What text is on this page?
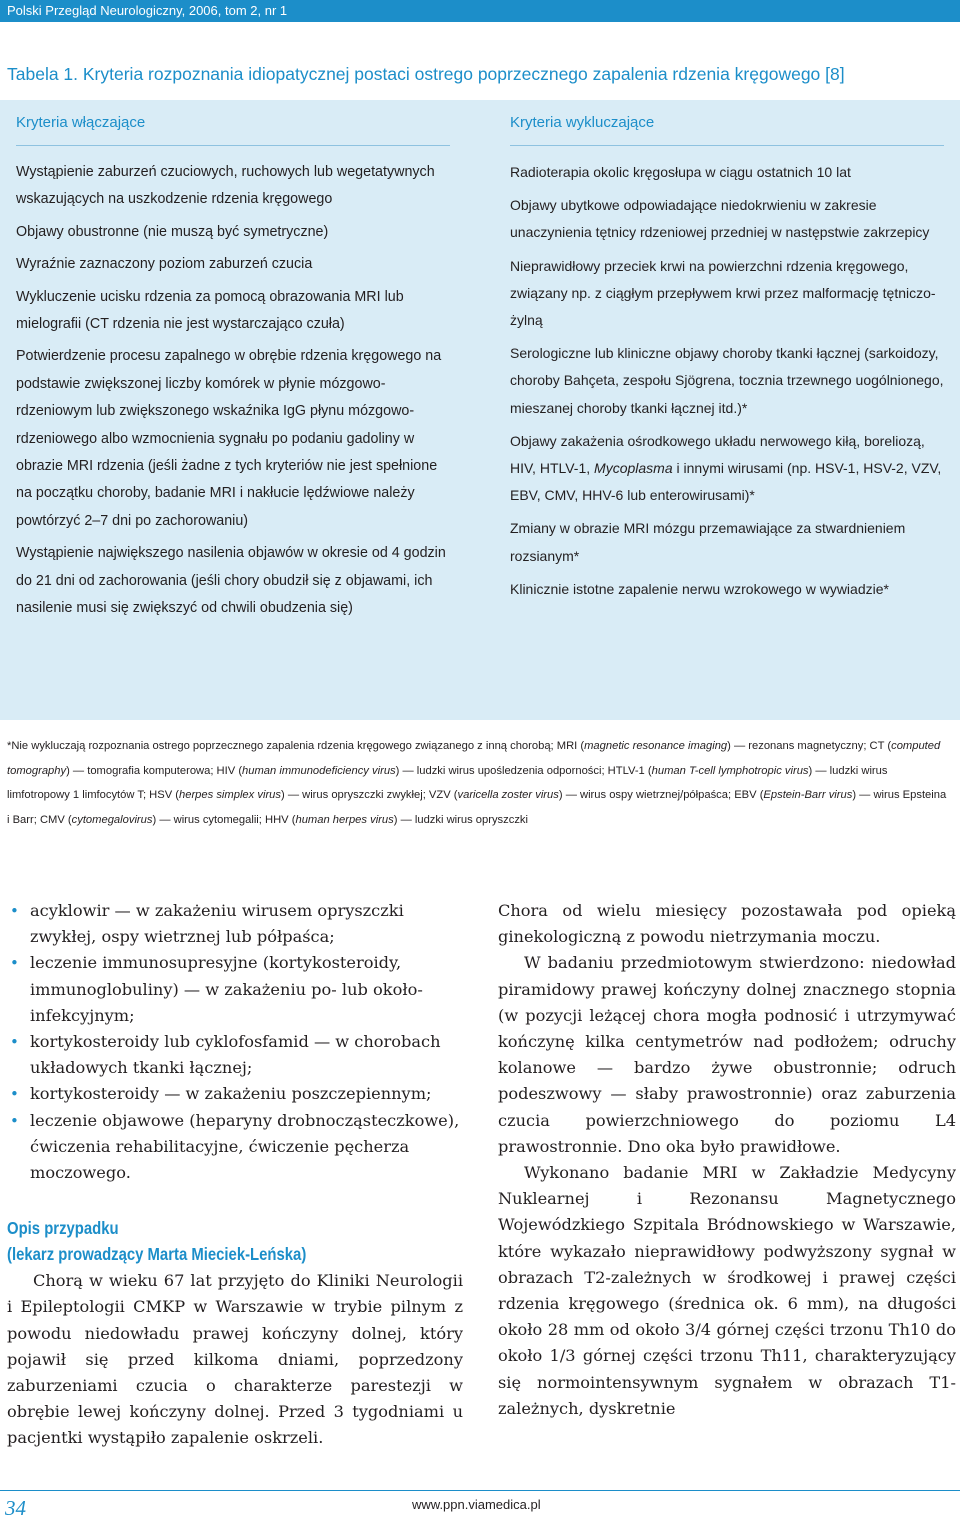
Polski Przegląd Neurologiczny, 2006, tom 2, nr 1
Tabela 1. Kryteria rozpoznania idiopatycznej postaci ostrego poprzecznego zapalenia rdzenia kręgowego [8]
Kryteria włączające

Wystąpienie zaburzeń czuciowych, ruchowych lub wegetatywnych wskazujących na uszkodzenie rdzenia kręgowego

Objawy obustronne (nie muszą być symetryczne)

Wyraźnie zaznaczony poziom zaburzeń czucia

Wykluczenie ucisku rdzenia za pomocą obrazowania MRI lub mielografii (CT rdzenia nie jest wystarczająco czuła)

Potwierdzenie procesu zapalnego w obrębie rdzenia kręgowego na podstawie zwiększonej liczby komórek w płynie mózgowo-rdzeniowym lub zwiększonego wskaźnika IgG płynu mózgowo-rdzeniowego albo wzmocnienia sygnału po podaniu gadoliny w obrazie MRI rdzenia (jeśli żadne z tych kryteriów nie jest spełnione na początku choroby, badanie MRI i nakłucie lędźwiowe należy powtórzyć 2–7 dni po zachorowaniu)

Wystąpienie największego nasilenia objawów w okresie od 4 godzin do 21 dni od zachorowania (jeśli chory obudził się z objawami, ich nasilenie musi się zwiększyć od chwili obudzenia się)

Kryteria wykluczające

Radioterapia okolic kręgosłupa w ciągu ostatnich 10 lat

Objawy ubytkowe odpowiadające niedokrwieniu w zakresie unaczynienia tętnicy rdzeniowej przedniej w następstwie zakrzepicy

Nieprawidłowy przeciek krwi na powierzchni rdzenia kręgowego, związany np. z ciągłym przepływem krwi przez malformację tętniczo-żylną

Serologiczne lub kliniczne objawy choroby tkanki łącznej (sarkoidozy, choroby Bahçeta, zespołu Sjögrena, tocznia trzewnego uogólnionego, mieszanej choroby tkanki łącznej itd.)*

Objawy zakażenia ośrodkowego układu nerwowego kiłą, boreliozą, HIV, HTLV-1, Mycoplasma i innymi wirusami (np. HSV-1, HSV-2, VZV, EBV, CMV, HHV-6 lub enterowirusami)*

Zmiany w obrazie MRI mózgu przemawiające za stwardnieniem rozsianym*

Klinicznie istotne zapalenie nerwu wzrokowego w wywiadzie*

*Nie wykluczają rozpoznania ostrego poprzecznego zapalenia rdzenia kręgowego związanego z inną chorobą; MRI (magnetic resonance imaging) — rezonans magnetyczny; CT (computed tomography) — tomografia komputerowa; HIV (human immunodeficiency virus) — ludzki wirus upośledzenia odporności; HTLV-1 (human T-cell lymphotropic virus) — ludzki wirus limfotropowy 1 limfocytów T; HSV (herpes simplex virus) — wirus opryszczki zwykłej; VZV (varicella zoster virus) — wirus ospy wietrznej/półpaśca; EBV (Epstein-Barr virus) — wirus Epsteina i Barr; CMV (cytomegalovirus) — wirus cytomegalii; HHV (human herpes virus) — ludzki wirus opryszczki
• acyklowir — w zakażeniu wirusem opryszczki zwykłej, ospy wietrznej lub półpaśca;
• leczenie immunosupresyjne (kortykosteroidy, immunoglobuliny) — w zakażeniu po- lub około-infekcyjnym;
• kortykosteroidy lub cyklofosfamid — w chorobach układowych tkanki łącznej;
• kortykosteroidy — w zakażeniu poszczepiennym;
• leczenie objawowe (heparyny drobnocząsteczkowe), ćwiczenia rehabilitacyjne, ćwiczenie pęcherza moczowego.
Opis przypadku
(lekarz prowadzący Marta Mieciek-Leńska)

Chorą w wieku 67 lat przyjęto do Kliniki Neurologii i Epileptologii CMKP w Warszawie w trybie pilnym z powodu niedowładu prawej kończyny dolnej, który pojawił się przed kilkoma dniami, poprzedzony zaburzeniami czucia o charakterze parestezji w obrębie lewej kończyny dolnej. Przed 3 tygodniami u pacjentki wystąpiło zapalenie oskrzeli.

Chora od wielu miesięcy pozostawała pod opieką ginekologiczną z powodu nietrzymania moczu.

W badaniu przedmiotowym stwierdzono: niedowład piramidowy prawej kończyny dolnej znacznego stopnia (w pozycji leżącej chora mogła podnosić i utrzymywać kończynę kilka centymetrów nad podłożem; odruchy kolanowe — bardzo żywe obustronnie; odruch podeszwowy — słaby prawostronnie) oraz zaburzenia czucia powierzchniowego do poziomu L4 prawostronnie. Dno oka było prawidłowe.

Wykonano badanie MRI w Zakładzie Medycyny Nuklearnej i Rezonansu Magnetycznego Wojewódzkiego Szpitala Bródnowskiego w Warszawie, które wykazało nieprawidłowy podwyższony sygnał w obrazach T2-zależnych w środkowej i prawej części rdzenia kręgowego (średnica ok. 6 mm), na długości około 28 mm od około 3/4 górnej części trzonu Th10 do około 1/3 górnej części trzonu Th11, charakteryzujący się normointensywnym sygnałem w obrazach T1-zależnych, dyskretnie

34	www.ppn.viamedica.pl
